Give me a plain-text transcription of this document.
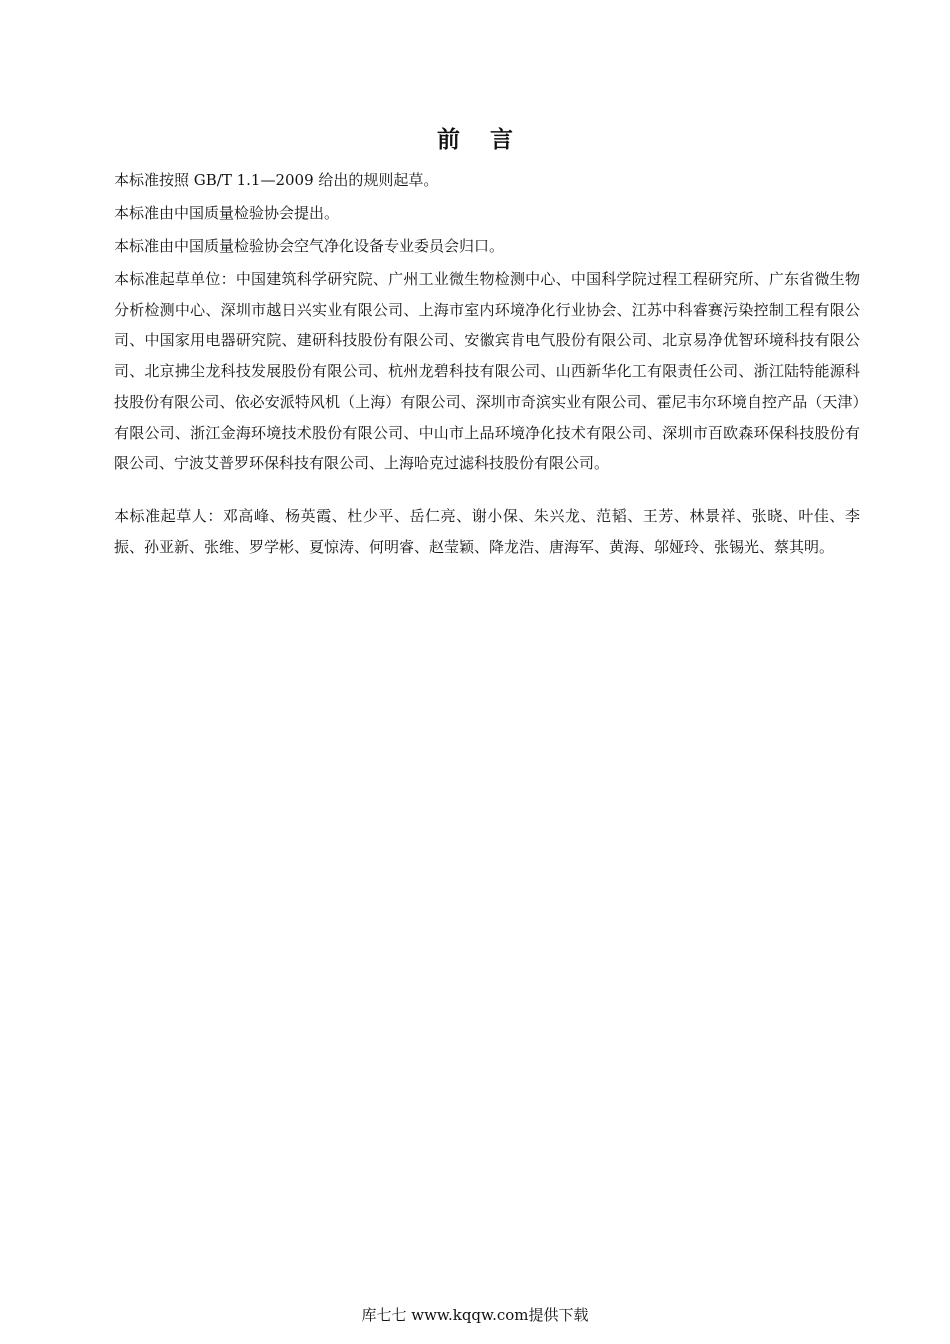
前言

本标准按照 GB/T 1.1—2009 给出的规则起草。

本标准由中国质量检验协会提出。

本标准由中国质量检验协会空气净化设备专业委员会归口。

本标准起草单位：中国建筑科学研究院、广州工业微生物检测中心、中国科学院过程工程研究所、广东省微生物分析检测中心、深圳市越日兴实业有限公司、上海市室内环境净化行业协会、江苏中科睿赛污染控制工程有限公司、中国家用电器研究院、建研科技股份有限公司、安徽宾肯电气股份有限公司、北京易净优智环境科技有限公司、北京拂尘龙科技发展股份有限公司、杭州龙碧科技有限公司、山西新华化工有限责任公司、浙江陆特能源科技股份有限公司、依必安派特风机（上海）有限公司、深圳市奇滨实业有限公司、霍尼韦尔环境自控产品（天津）有限公司、浙江金海环境技术股份有限公司、中山市上品环境净化技术有限公司、深圳市百欧森环保科技股份有限公司、宁波艾普罗环保科技有限公司、上海哈克过滤科技股份有限公司。

本标准起草人：邓高峰、杨英霞、杜少平、岳仁亮、谢小保、朱兴龙、范韬、王芳、林景祥、张晓、叶佳、李振、孙亚新、张维、罗学彬、夏惊涛、何明睿、赵莹颖、降龙浩、唐海军、黄海、邬娅玲、张锡光、蔡其明。

库七七 www.kqqw.com提供下载
